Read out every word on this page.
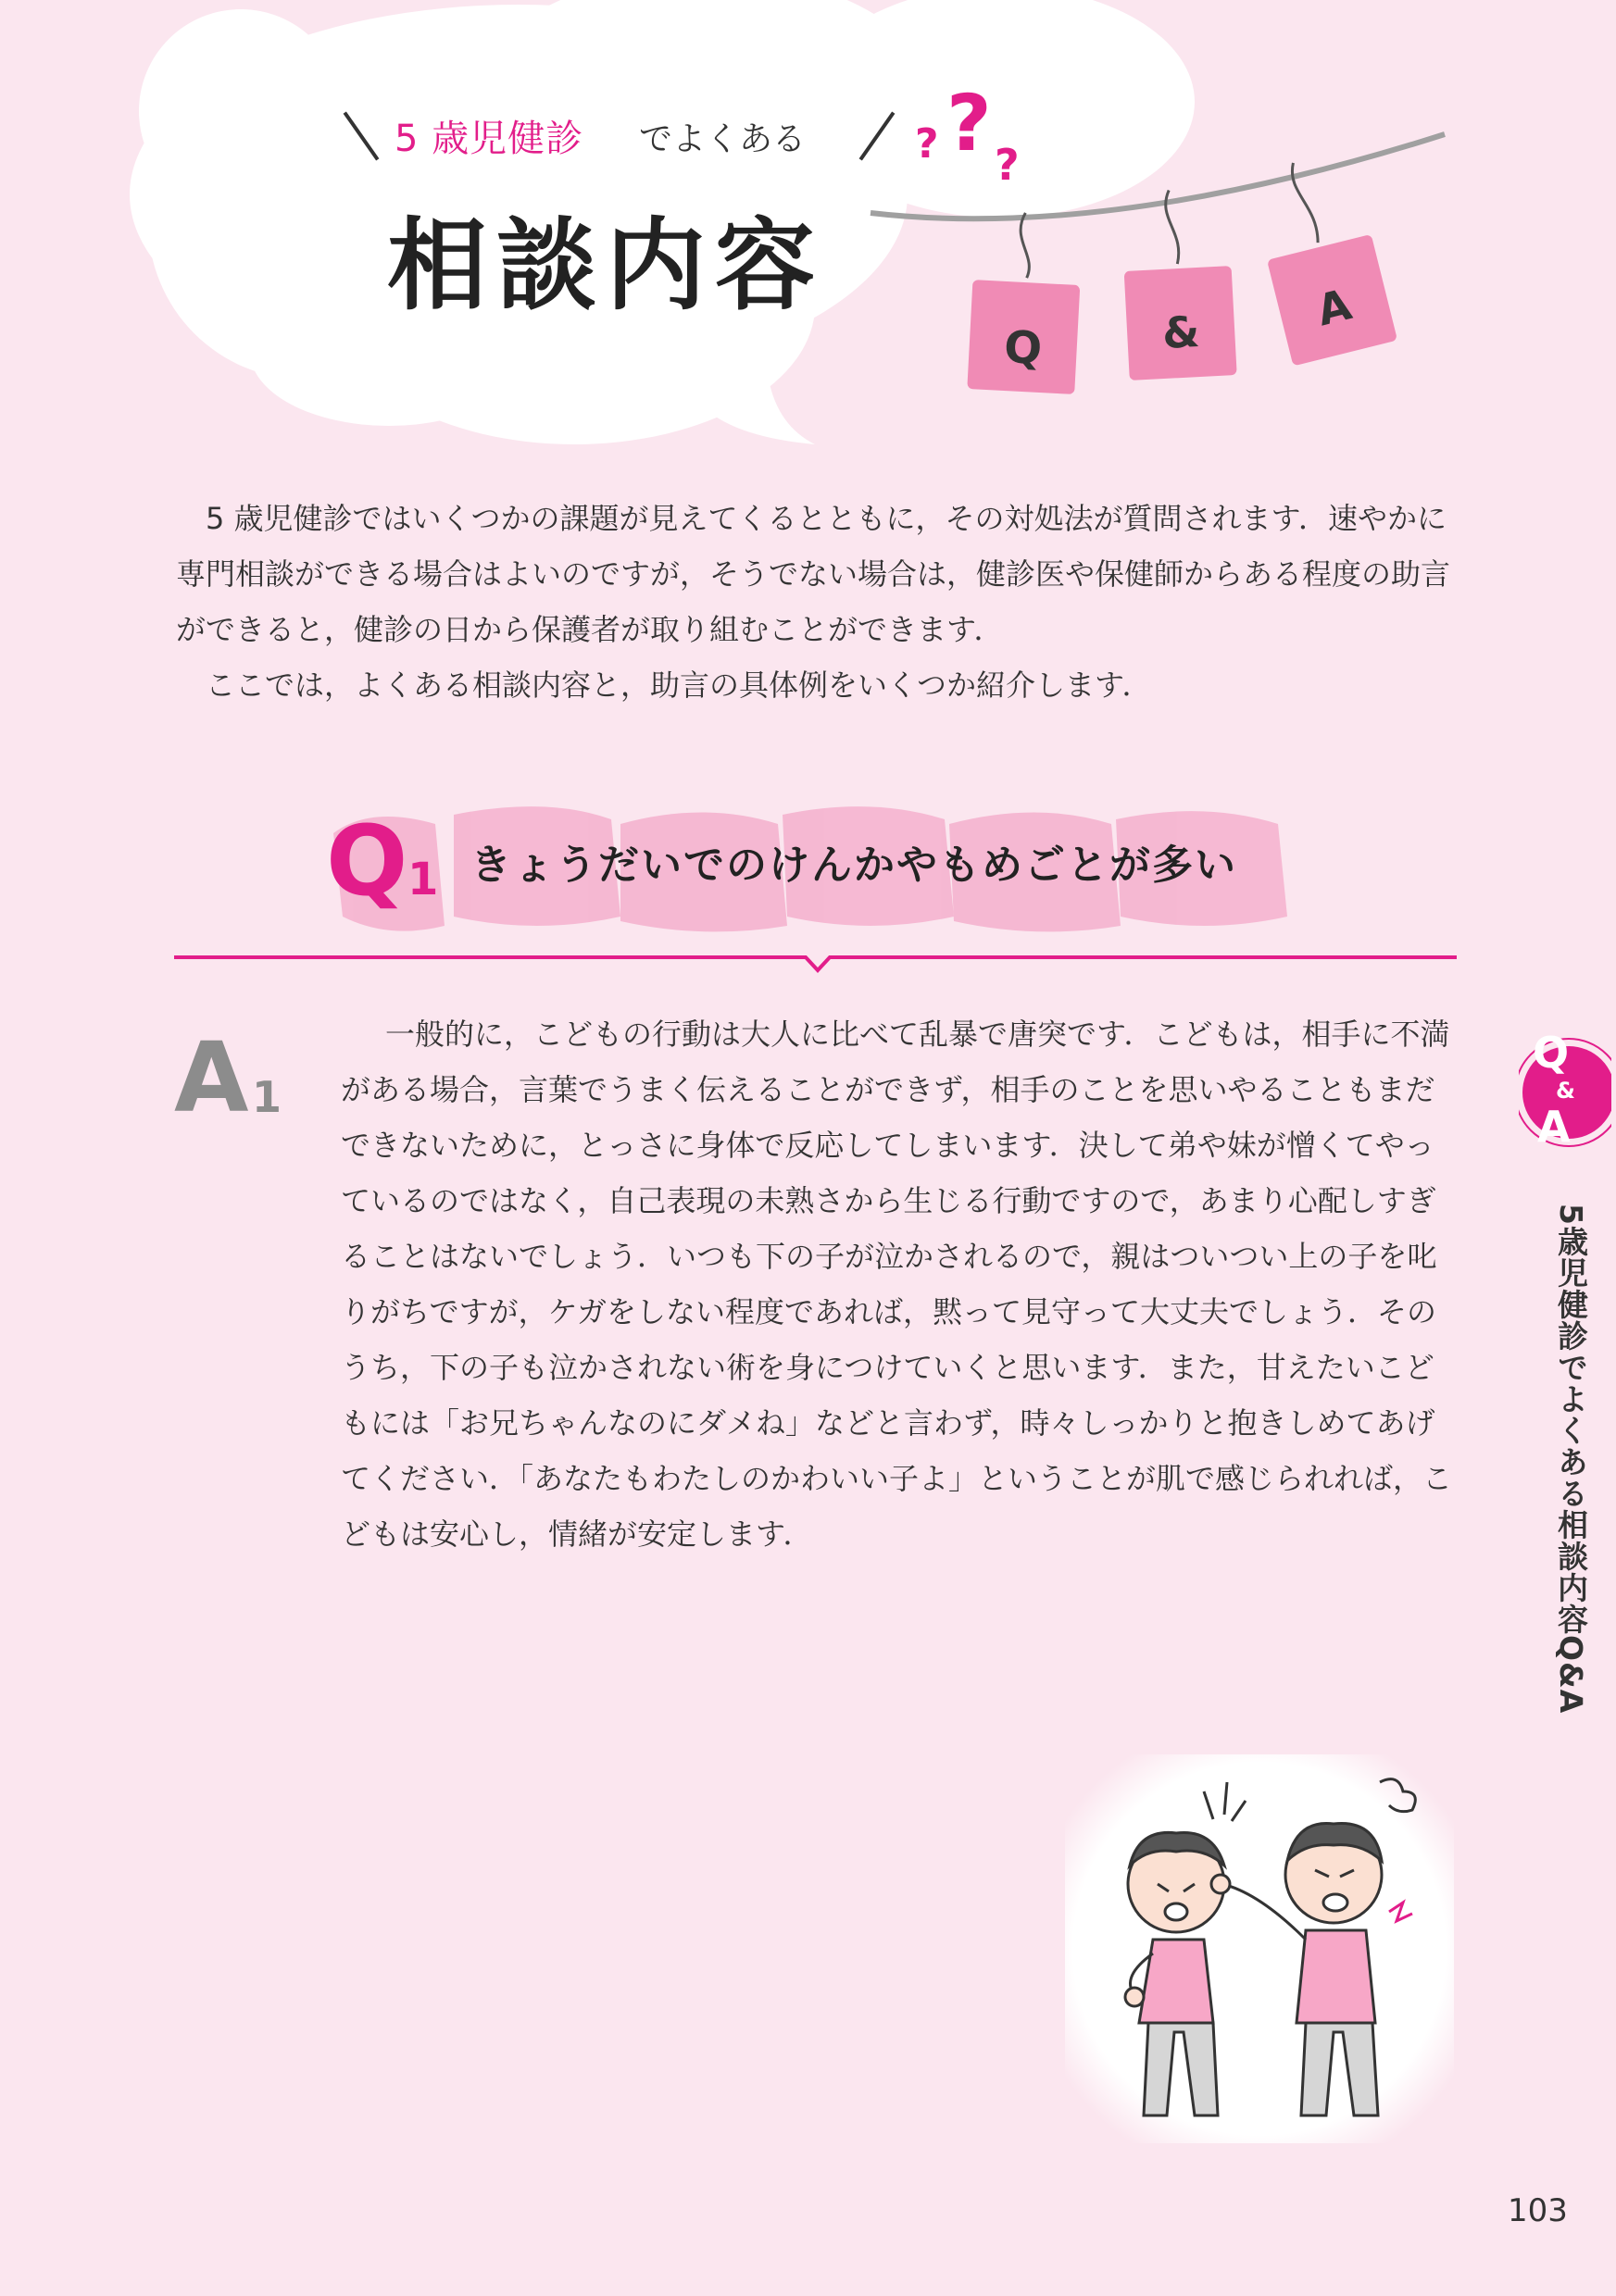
5 歳児健診 でよくある
相談内容
? ? ?
Q	&	A

5 歳児健診ではいくつかの課題が見えてくるとともに，その対処法が質問されます．速やかに専門相談ができる場合はよいのですが，そうでない場合は，健診医や保健師からある程度の助言ができると，健診の日から保護者が取り組むことができます．

ここでは，よくある相談内容と，助言の具体例をいくつか紹介します．

Q 1 きょうだいでのけんかやもめごとが多い
A 1

一般的に，こどもの行動は大人に比べて乱暴で唐突です．こどもは，相手に不満がある場合，言葉でうまく伝えることができず，相手のことを思いやることもまだできないために，とっさに身体で反応してしまいます．決して弟や妹が憎くてやっているのではなく，自己表現の未熟さから生じる行動ですので，あまり心配しすぎることはないでしょう．いつも下の子が泣かされるので，親はついつい上の子を叱りがちですが，ケガをしない程度であれば，黙って見守って大丈夫でしょう．そのうち，下の子も泣かされない術を身につけていくと思います．また，甘えたいこどもには「お兄ちゃんなのにダメね」などと言わず，時々しっかりと抱きしめてあげてください．「あなたもわたしのかわいい子よ」ということが肌で感じられれば，こどもは安心し，情緒が安定します．

Q
&
A
5歳児健診でよくある相談内容Q&A
103
